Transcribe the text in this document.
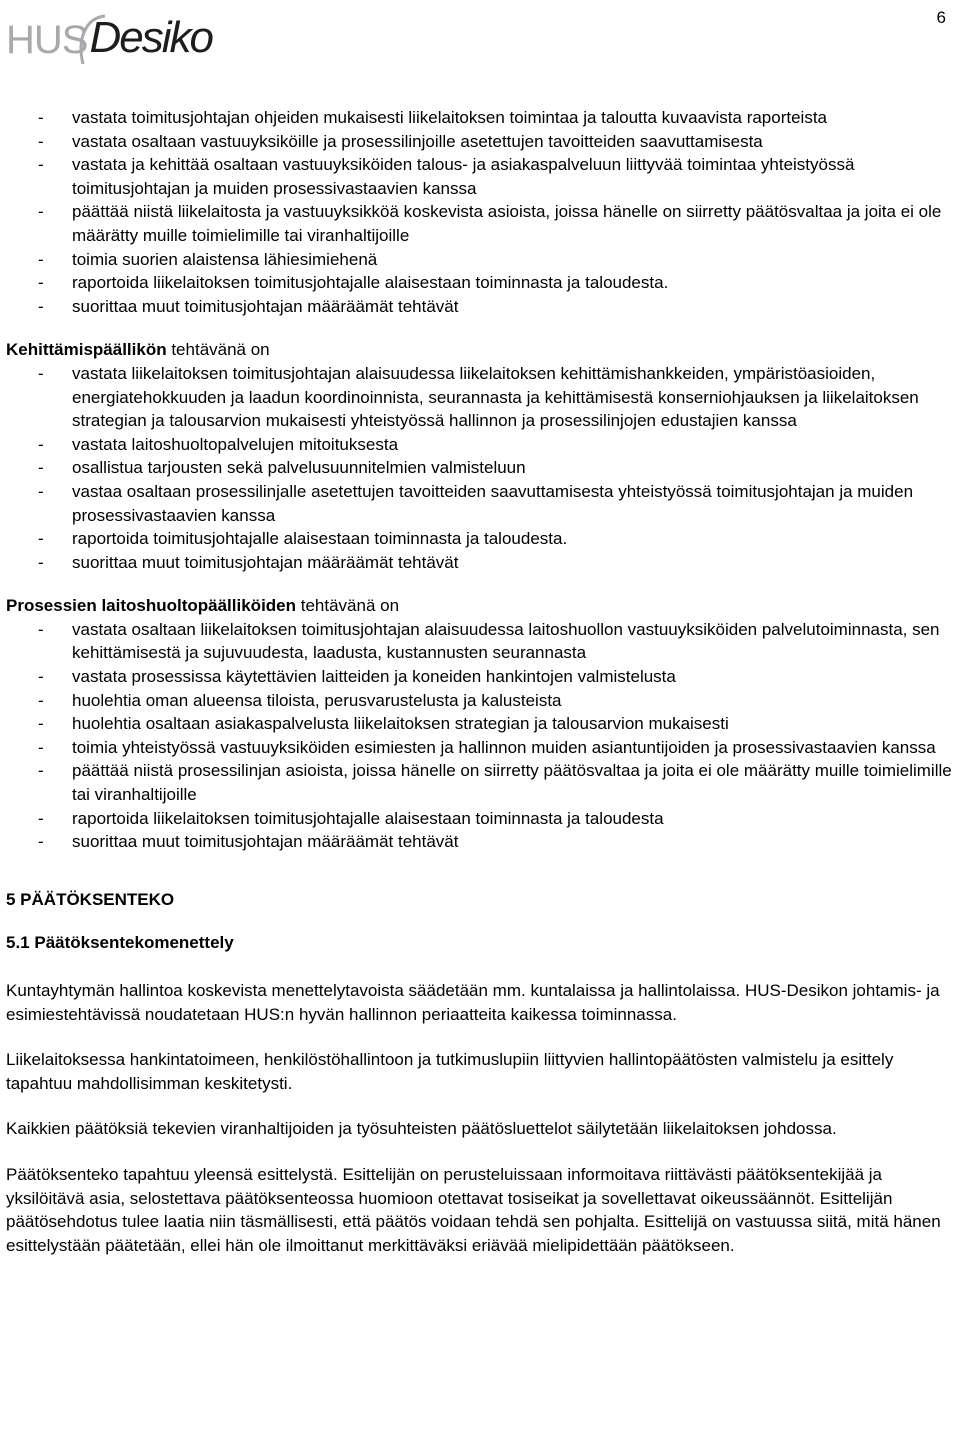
HUS Desiko	6
- vastata toimitusjohtajan ohjeiden mukaisesti liikelaitoksen toimintaa ja taloutta kuvaavista raporteista
- vastata osaltaan vastuuyksiköille ja prosessilinjoille asetettujen tavoitteiden saavuttamisesta
- vastata ja kehittää osaltaan vastuuyksiköiden talous- ja asiakaspalveluun liittyvää toimintaa yhteistyössä toimitusjohtajan ja muiden prosessivastaavien kanssa
- päättää niistä liikelaitosta ja vastuuyksikköä koskevista asioista, joissa hänelle on siirretty päätösvaltaa ja joita ei ole määrätty muille toimielimille tai viranhaltijoille
- toimia suorien alaistensa lähiesimiehenä
- raportoida liikelaitoksen toimitusjohtajalle alaisestaan toiminnasta ja taloudesta.
- suorittaa muut toimitusjohtajan määräämät tehtävät
Kehittämispäällikön tehtävänä on
- vastata liikelaitoksen toimitusjohtajan alaisuudessa liikelaitoksen kehittämishankkeiden, ympäristöasioiden, energiatehokkuuden ja laadun koordinoinnista, seurannasta ja kehittämisestä konserniohjauksen ja liikelaitoksen strategian ja talousarvion mukaisesti yhteistyössä hallinnon ja prosessilinjojen edustajien kanssa
- vastata laitoshuoltopalvelujen mitoituksesta
- osallistua tarjousten sekä palvelusuunnitelmien valmisteluun
- vastaa osaltaan prosessilinjalle asetettujen tavoitteiden saavuttamisesta yhteistyössä toimitusjohtajan ja muiden prosessivastaavien kanssa
- raportoida toimitusjohtajalle alaisestaan toiminnasta ja taloudesta.
- suorittaa muut toimitusjohtajan määräämät tehtävät
Prosessien laitoshuoltopäälliköiden tehtävänä on
- vastata osaltaan liikelaitoksen toimitusjohtajan alaisuudessa laitoshuollon vastuuyksiköiden palvelutoiminnasta, sen kehittämisestä ja sujuvuudesta, laadusta, kustannusten seurannasta
- vastata prosessissa käytettävien laitteiden ja koneiden hankintojen valmistelusta
- huolehtia oman alueensa tiloista, perusvarustelusta ja kalusteista
- huolehtia osaltaan asiakaspalvelusta liikelaitoksen strategian ja talousarvion mukaisesti
- toimia yhteistyössä vastuuyksiköiden esimiesten ja hallinnon muiden asiantuntijoiden ja prosessivastaavien kanssa
- päättää niistä prosessilinjan asioista, joissa hänelle on siirretty päätösvaltaa ja joita ei ole määrätty muille toimielimille tai viranhaltijoille
- raportoida liikelaitoksen toimitusjohtajalle alaisestaan toiminnasta ja taloudesta
- suorittaa muut toimitusjohtajan määräämät tehtävät
5 PÄÄTÖKSENTEKO
5.1 Päätöksentekomenettely

Kuntayhtymän hallintoa koskevista menettelytavoista säädetään mm. kuntalaissa ja hallintolaissa. HUS-Desikon johtamis- ja esimiestehtävissä noudatetaan HUS:n hyvän hallinnon periaatteita kaikessa toiminnassa.

Liikelaitoksessa hankintatoimeen, henkilöstöhallintoon ja tutkimuslupiin liittyvien hallintopäätösten valmistelu ja esittely tapahtuu mahdollisimman keskitetysti.

Kaikkien päätöksiä tekevien viranhaltijoiden ja työsuhteisten päätösluettelot säilytetään liikelaitoksen johdossa.

Päätöksenteko tapahtuu yleensä esittelystä. Esittelijän on perusteluissaan informoitava riittävästi päätöksentekijää ja yksilöitävä asia, selostettava päätöksenteossa huomioon otettavat tosiseikat ja sovellettavat oikeussäännöt. Esittelijän päätösehdotus tulee laatia niin täsmällisesti, että päätös voidaan tehdä sen pohjalta. Esittelijä on vastuussa siitä, mitä hänen esittelystään päätetään, ellei hän ole ilmoittanut merkittäväksi eriävää mielipidettään päätökseen.
